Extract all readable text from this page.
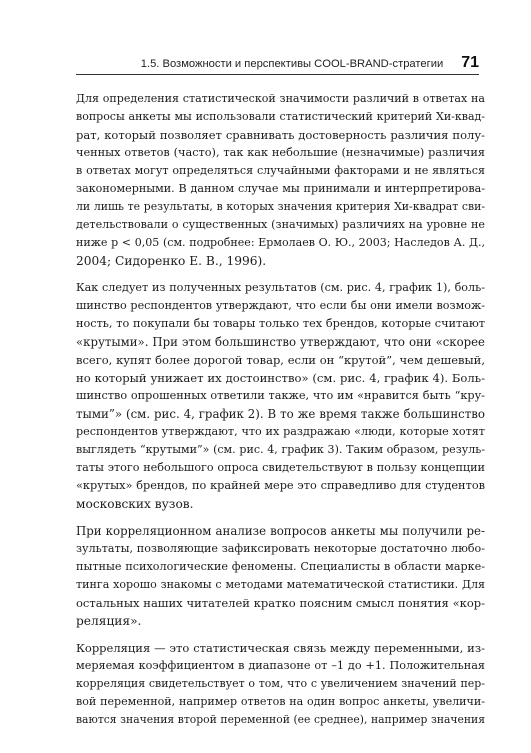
1.5. Возможности и перспективы COOL-BRAND-стратегии 71

Для определения статистической значимости различий в ответах на
вопросы анкеты мы использовали статистический критерий Хи-квад-
рат, который позволяет сравнивать достоверность различия полу-
ченных ответов (часто), так как небольшие (незначимые) различия
в ответах могут определяться случайными факторами и не являться
закономерными. В данном случае мы принимали и интерпретирова-
ли лишь те результаты, в которых значения критерия Хи-квадрат сви-
детельствовали о существенных (значимых) различиях на уровне не
ниже p < 0,05 (см. подробнее: Ермолаев О. Ю., 2003; Наследов А. Д.,
2004; Сидоренко Е. В., 1996).

Как следует из полученных результатов (см. рис. 4, график 1), боль-
шинство респондентов утверждают, что если бы они имели возмож-
ность, то покупали бы товары только тех брендов, которые считают
«крутыми». При этом большинство утверждают, что они «скорее
всего, купят более дорогой товар, если он “крутой”, чем дешевый,
но который унижает их достоинство» (см. рис. 4, график 4). Боль-
шинство опрошенных ответили также, что им «нравится быть “кру-
тыми”» (см. рис. 4, график 2). В то же время также большинство
респондентов утверждают, что их раздражаю «люди, которые хотят
выглядеть “крутыми”» (см. рис. 4, график 3). Таким образом, резуль-
таты этого небольшого опроса свидетельствуют в пользу концепции
«крутых» брендов, по крайней мере это справедливо для студентов
московских вузов.

При корреляционном анализе вопросов анкеты мы получили ре-
зультаты, позволяющие зафиксировать некоторые достаточно любо-
пытные психологические феномены. Специалисты в области марке-
тинга хорошо знакомы с методами математической статистики. Для
остальных наших читателей кратко поясним смысл понятия «кор-
реляция».

Корреляция — это статистическая связь между переменными, из-
меряемая коэффициентом в диапазоне от –1 до +1. Положительная
корреляция свидетельствует о том, что с увеличением значений пер-
вой переменной, например ответов на один вопрос анкеты, увеличи-
ваются значения второй переменной (ее среднее), например значения
